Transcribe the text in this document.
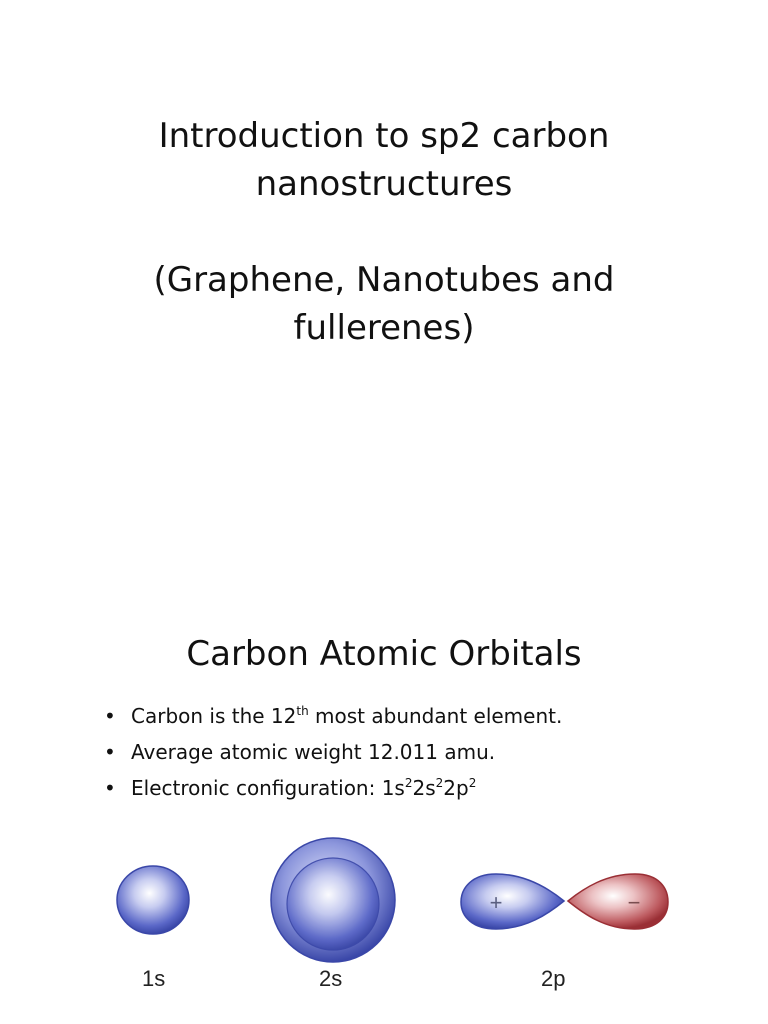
Introduction to sp2 carbon
nanostructures
(Graphene, Nanotubes and
fullerenes)
Carbon Atomic Orbitals
• Carbon is the 12th most abundant element.
• Average atomic weight 12.011 amu.
• Electronic configuration: $1s^22s^22p^2$
+	−
1s	2s	2p
